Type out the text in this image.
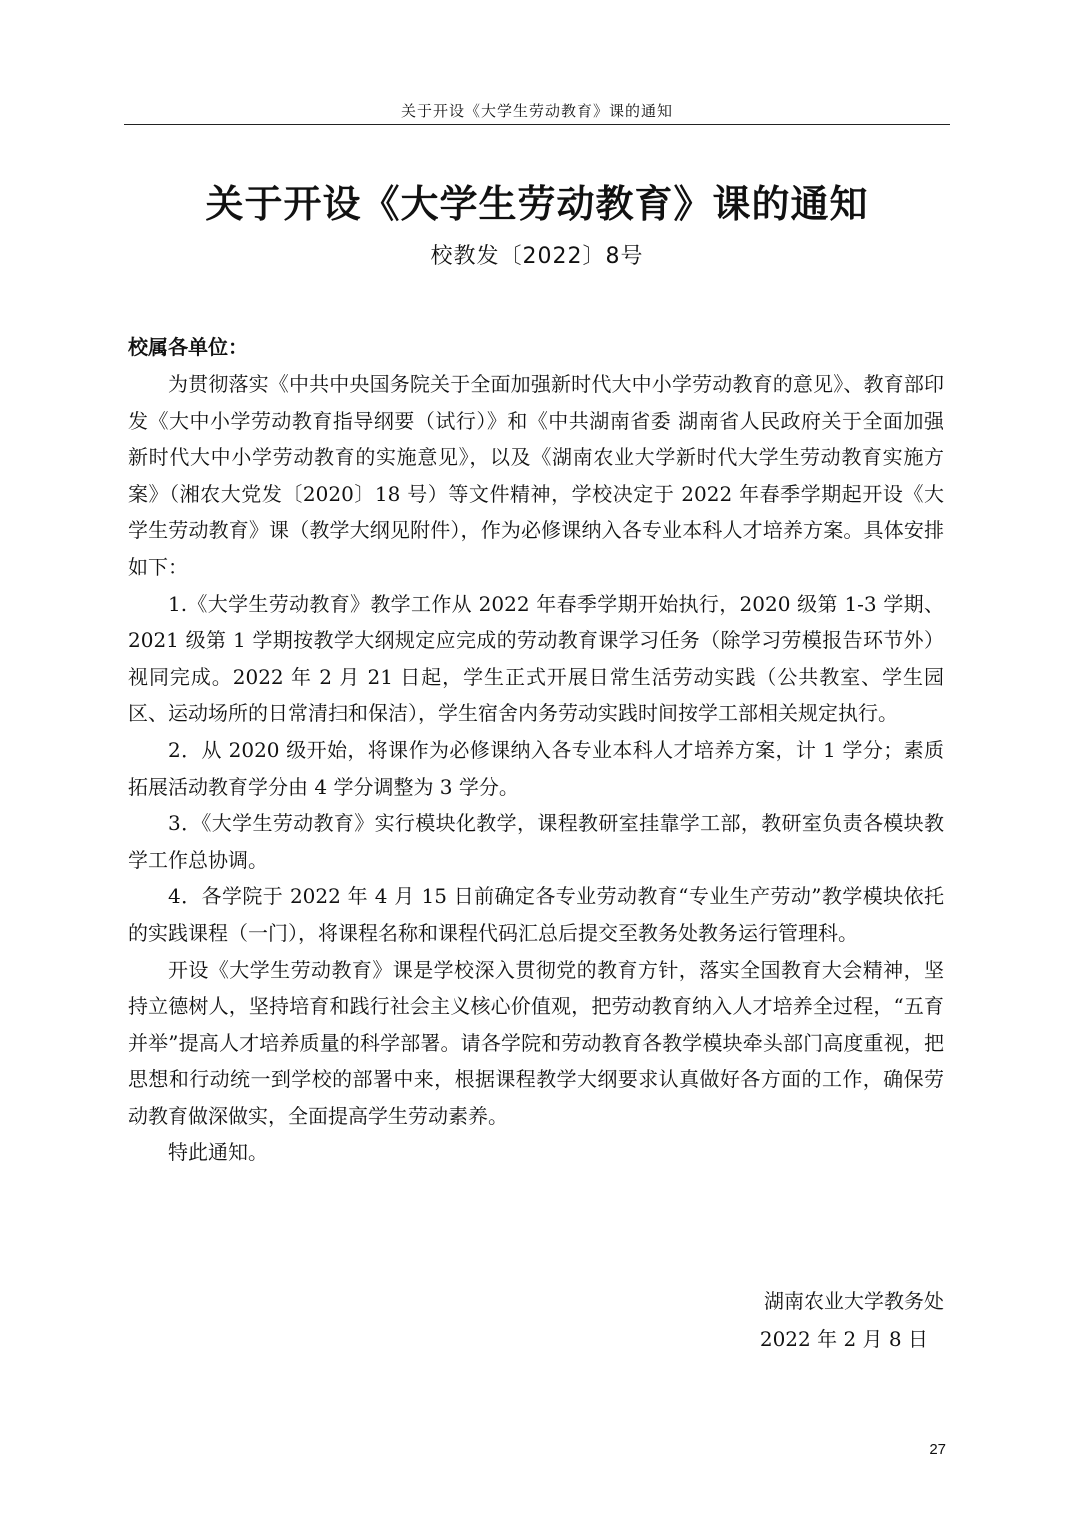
关于开设《大学生劳动教育》课的通知
关于开设《大学生劳动教育》课的通知
校教发〔2022〕8号
校属各单位：

为贯彻落实《中共中央国务院关于全面加强新时代大中小学劳动教育的意见》、教育部印发《大中小学劳动教育指导纲要（试行）》和《中共湖南省委 湖南省人民政府关于全面加强新时代大中小学劳动教育的实施意见》，以及《湖南农业大学新时代大学生劳动教育实施方案》（湘农大党发〔2020〕18 号）等文件精神，学校决定于 2022 年春季学期起开设《大学生劳动教育》课（教学大纲见附件），作为必修课纳入各专业本科人才培养方案。具体安排如下：

1.《大学生劳动教育》教学工作从 2022 年春季学期开始执行，2020 级第 1-3 学期、2021 级第 1 学期按教学大纲规定应完成的劳动教育课学习任务（除学习劳模报告环节外）视同完成。2022 年 2 月 21 日起，学生正式开展日常生活劳动实践（公共教室、学生园区、运动场所的日常清扫和保洁），学生宿舍内务劳动实践时间按学工部相关规定执行。

2．从 2020 级开始，将课作为必修课纳入各专业本科人才培养方案，计 1 学分；素质拓展活动教育学分由 4 学分调整为 3 学分。

3．《大学生劳动教育》实行模块化教学，课程教研室挂靠学工部，教研室负责各模块教学工作总协调。

4．各学院于 2022 年 4 月 15 日前确定各专业劳动教育“专业生产劳动”教学模块依托的实践课程（一门），将课程名称和课程代码汇总后提交至教务处教务运行管理科。

开设《大学生劳动教育》课是学校深入贯彻党的教育方针，落实全国教育大会精神，坚持立德树人，坚持培育和践行社会主义核心价值观，把劳动教育纳入人才培养全过程，“五育并举”提高人才培养质量的科学部署。请各学院和劳动教育各教学模块牵头部门高度重视，把思想和行动统一到学校的部署中来，根据课程教学大纲要求认真做好各方面的工作，确保劳动教育做深做实，全面提高学生劳动素养。

特此通知。

湖南农业大学教务处
2022 年 2 月 8 日
27
